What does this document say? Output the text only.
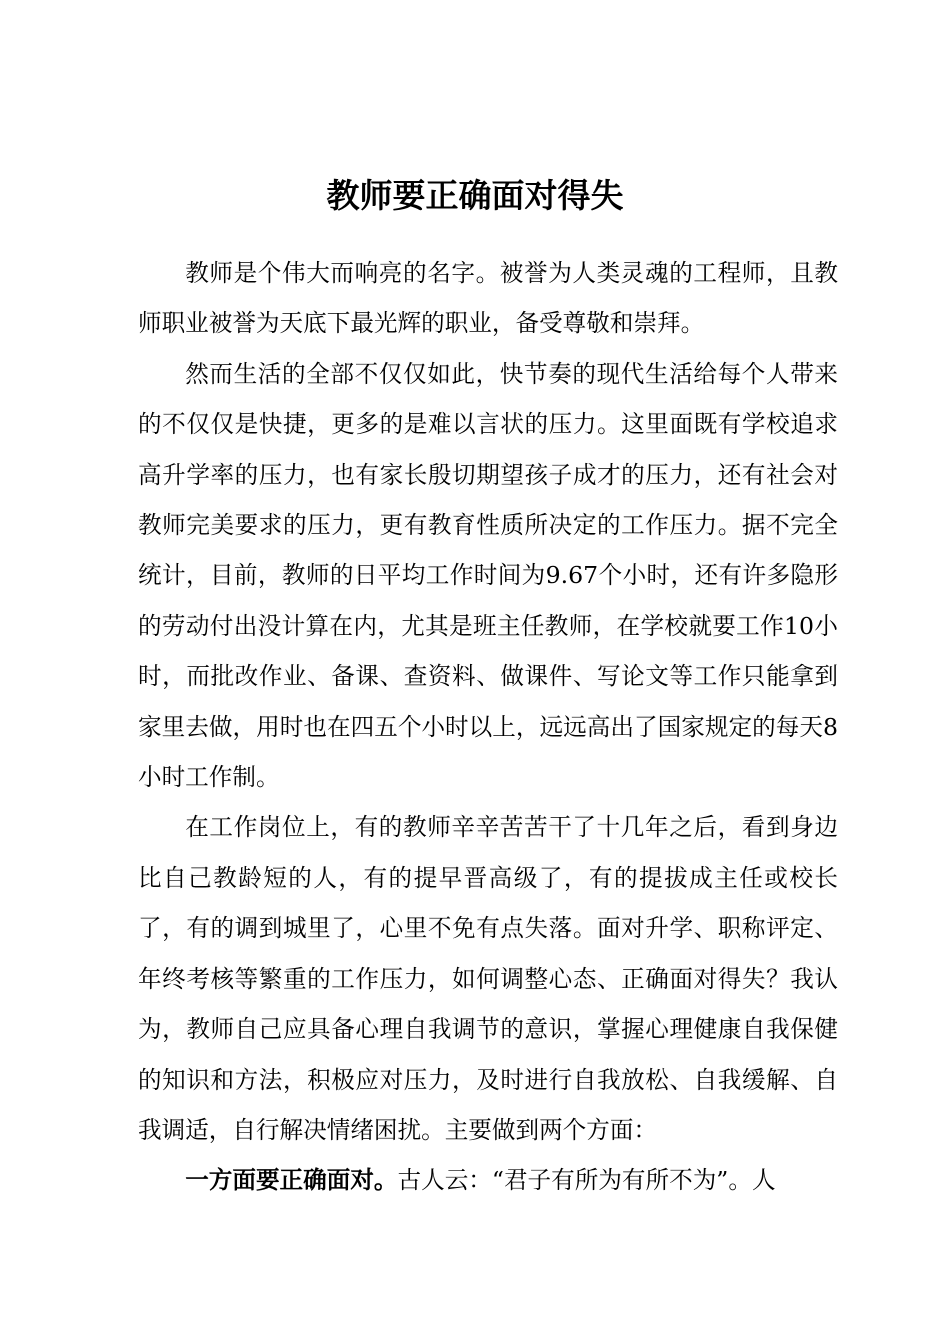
教师要正确面对得失

教师是个伟大而响亮的名字。被誉为人类灵魂的工程师，且教师职业被誉为天底下最光辉的职业，备受尊敬和崇拜。

然而生活的全部不仅仅如此，快节奏的现代生活给每个人带来的不仅仅是快捷，更多的是难以言状的压力。这里面既有学校追求高升学率的压力，也有家长殷切期望孩子成才的压力，还有社会对教师完美要求的压力，更有教育性质所决定的工作压力。据不完全统计，目前，教师的日平均工作时间为9.67个小时，还有许多隐形的劳动付出没计算在内，尤其是班主任教师，在学校就要工作10小时，而批改作业、备课、查资料、做课件、写论文等工作只能拿到家里去做，用时也在四五个小时以上，远远高出了国家规定的每天8小时工作制。

在工作岗位上，有的教师辛辛苦苦干了十几年之后，看到身边比自己教龄短的人，有的提早晋高级了，有的提拔成主任或校长了，有的调到城里了，心里不免有点失落。面对升学、职称评定、年终考核等繁重的工作压力，如何调整心态、正确面对得失？我认为，教师自己应具备心理自我调节的意识，掌握心理健康自我保健的知识和方法，积极应对压力，及时进行自我放松、自我缓解、自我调适，自行解决情绪困扰。主要做到两个方面：

一方面要正确面对。古人云：“君子有所为有所不为”。人
